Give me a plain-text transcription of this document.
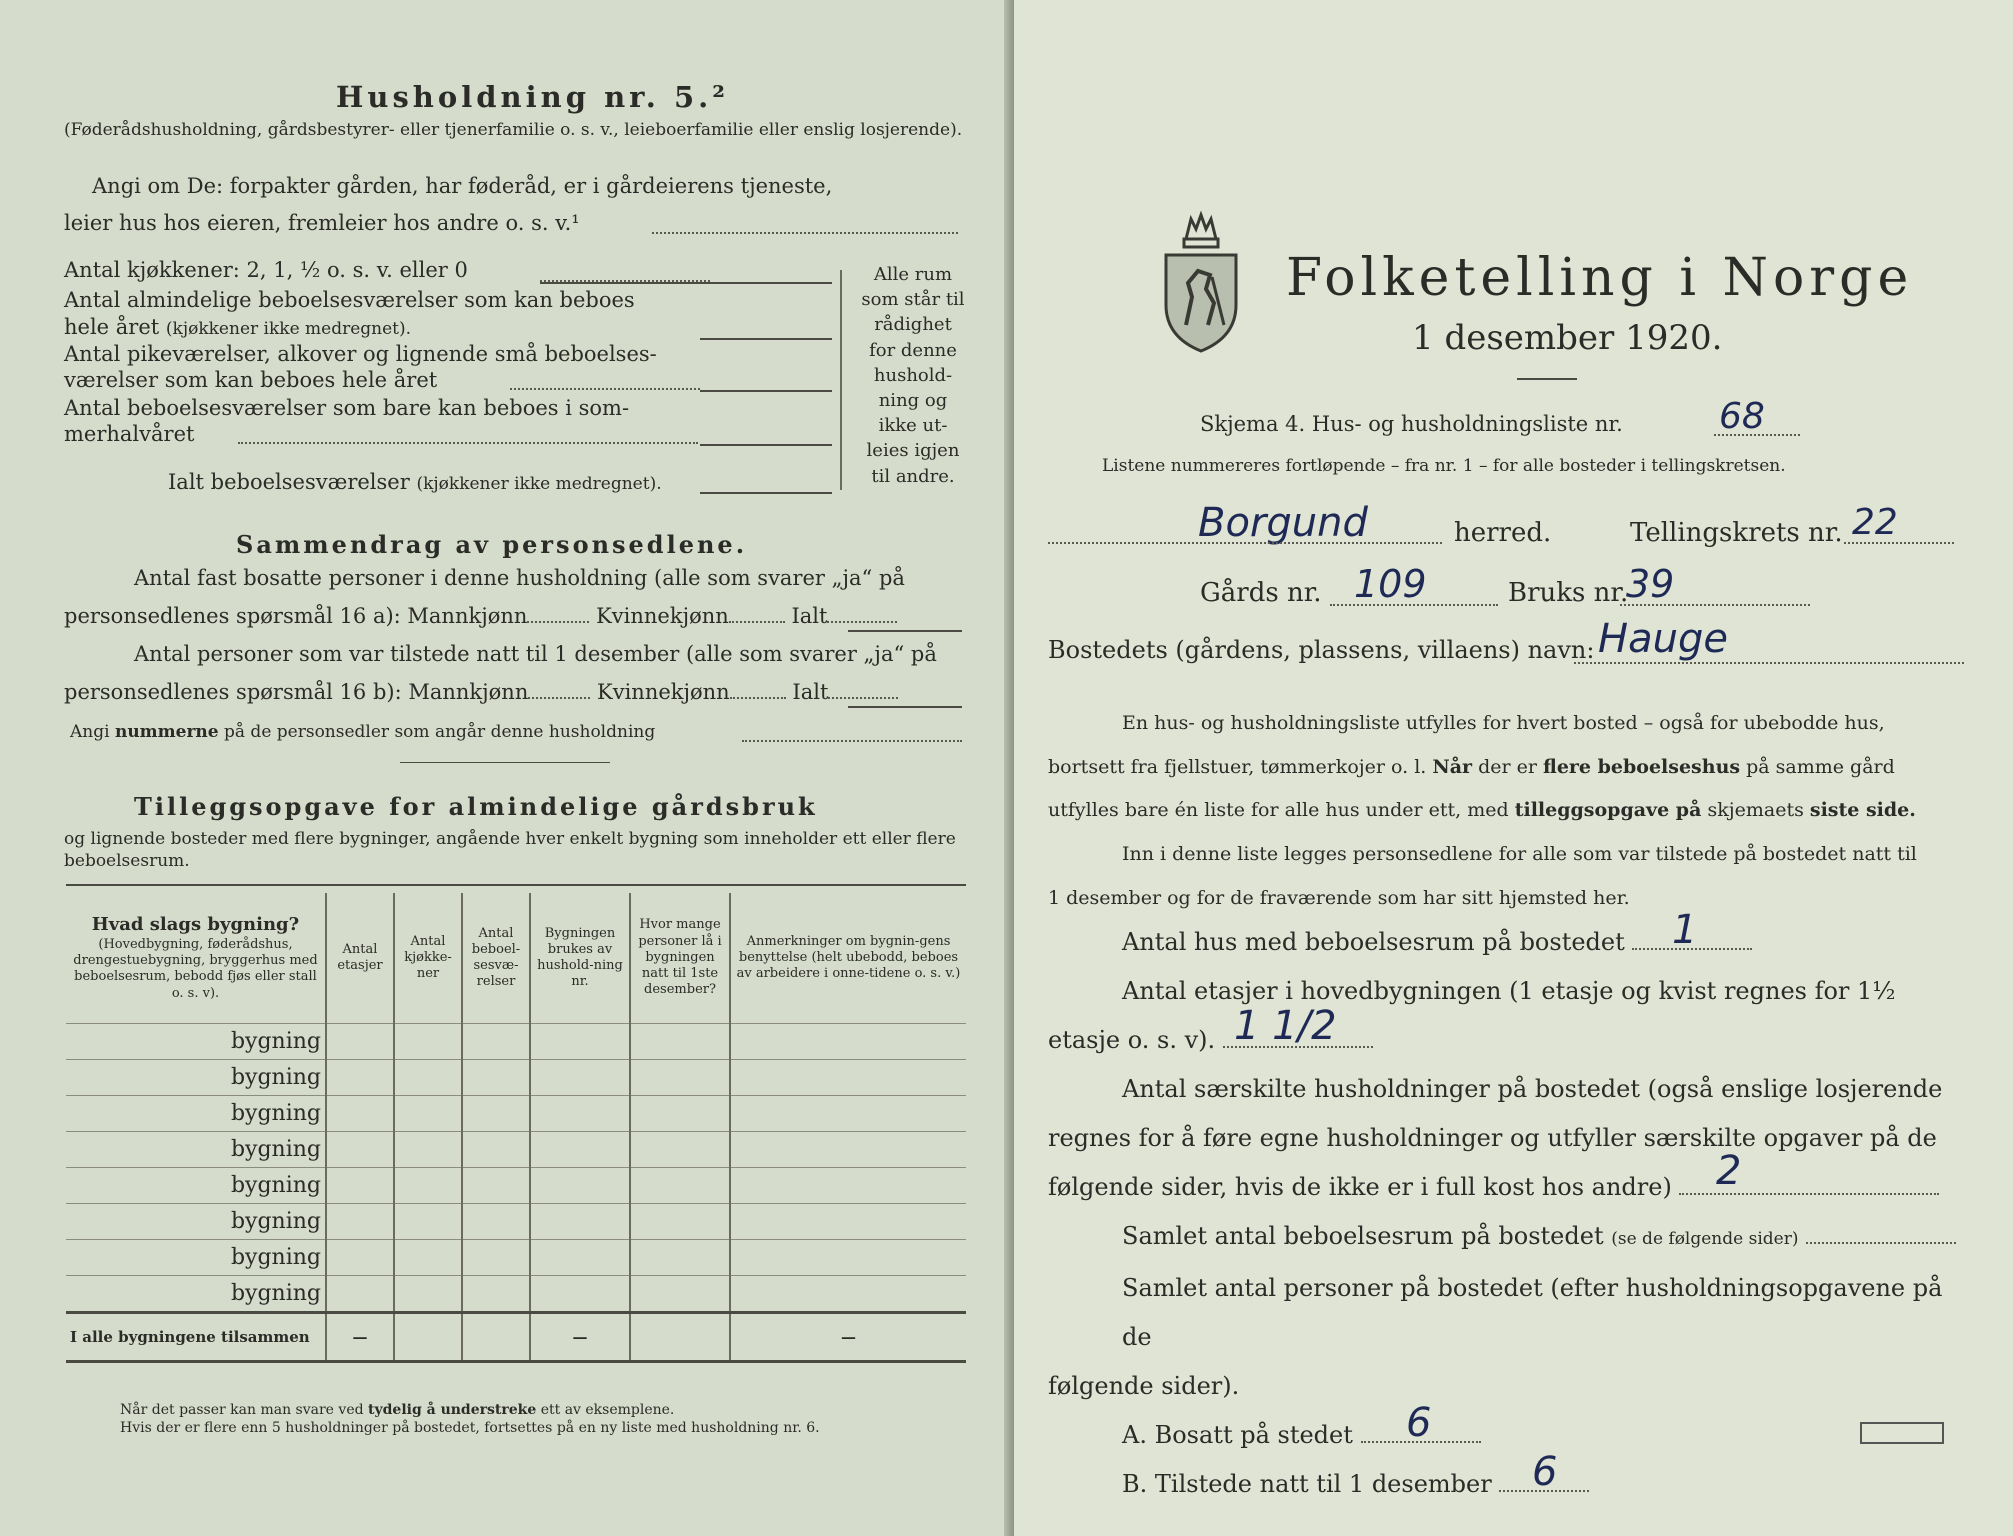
Husholdning nr. 5.²
(Føderådshusholdning, gårdsbestyrer- eller tjenerfamilie o. s. v., leieboerfamilie eller enslig losjerende).
Angi om De: forpakter gården, har føderåd, er i gårdeierens tjeneste,
leier hus hos eieren, fremleier hos andre o. s. v.¹
Antal kjøkkener: 2, 1, ½ o. s. v. eller 0
Antal almindelige beboelsesværelser som kan beboes
hele året (kjøkkener ikke medregnet).
Antal pikeværelser, alkover og lignende små beboelses-
værelser som kan beboes hele året
Antal beboelsesværelser som bare kan beboes i som-
merhalvåret
Ialt beboelsesværelser (kjøkkener ikke medregnet).
Alle rum
som står til
rådighet
for denne
hushold-
ning og
ikke ut-
leies igjen
til andre.
Sammendrag av personsedlene.
Antal fast bosatte personer i denne husholdning (alle som svarer „ja“ på
personsedlenes spørsmål 16 a): Mannkjønn	Kvinnekjønn	Ialt
Antal personer som var tilstede natt til 1 desember (alle som svarer „ja“ på
personsedlenes spørsmål 16 b): Mannkjønn	Kvinnekjønn	Ialt
Angi nummerne på de personsedler som angår denne husholdning
Tilleggsopgave for almindelige gårdsbruk
og lignende bosteder med flere bygninger, angående hver enkelt bygning som inneholder ett eller flere beboelsesrum.
Hvad slags bygning?
(Hovedbygning, føderådshus, drengestuebygning, bryggerhus med beboelsesrum, bebodd fjøs eller stall o. s. v).	Antal etasjer	Antal kjøkke-ner	Antal beboel-sesvæ-relser	Bygningen brukes av hushold-ning nr.	Hvor mange personer lå i bygningen natt til 1ste desember?	Anmerkninger om bygnin-gens benyttelse (helt ubebodd, beboes av arbeidere i onne-tidene o. s. v.)
bygning						
bygning						
bygning						
bygning						
bygning						
bygning						
bygning						
bygning						
I alle bygningene tilsammen	—			—		—
Når det passer kan man svare ved tydelig å understreke ett av eksemplene.
Hvis der er flere enn 5 husholdninger på bostedet, fortsettes på en ny liste med husholdning nr. 6.
Folketelling i Norge
1 desember 1920.
Skjema 4. Hus- og husholdningsliste nr.	68
Listene nummereres fortløpende – fra nr. 1 – for alle bosteder i tellingskretsen.
Borgund	herred.	Tellingskrets nr. 22
Gårds nr. 109	Bruks nr.
39
Bostedets (gårdens, plassens, villaens) navn: Hauge
En hus- og husholdningsliste utfylles for hvert bosted – også for ubebodde hus,
bortsett fra fjellstuer, tømmerkojer o. l. Når der er flere beboelseshus på samme gård
utfylles bare én liste for alle hus under ett, med tilleggsopgave på skjemaets siste side.
Inn i denne liste legges personsedlene for alle som var tilstede på bostedet natt til
1 desember og for de fraværende som har sitt hjemsted her.
Antal hus med beboelsesrum på bostedet 1
Antal etasjer i hovedbygningen (1 etasje og kvist regnes for 1½
etasje o. s. v). 1 1/2
Antal særskilte husholdninger på bostedet (også enslige losjerende
regnes for å føre egne husholdninger og utfyller særskilte opgaver på de
følgende sider, hvis de ikke er i full kost hos andre) 2
Samlet antal beboelsesrum på bostedet (se de følgende sider)
Samlet antal personer på bostedet (efter husholdningsopgavene på de
følgende sider).
A. Bosatt på stedet 6
B. Tilstede natt til 1 desember 6
